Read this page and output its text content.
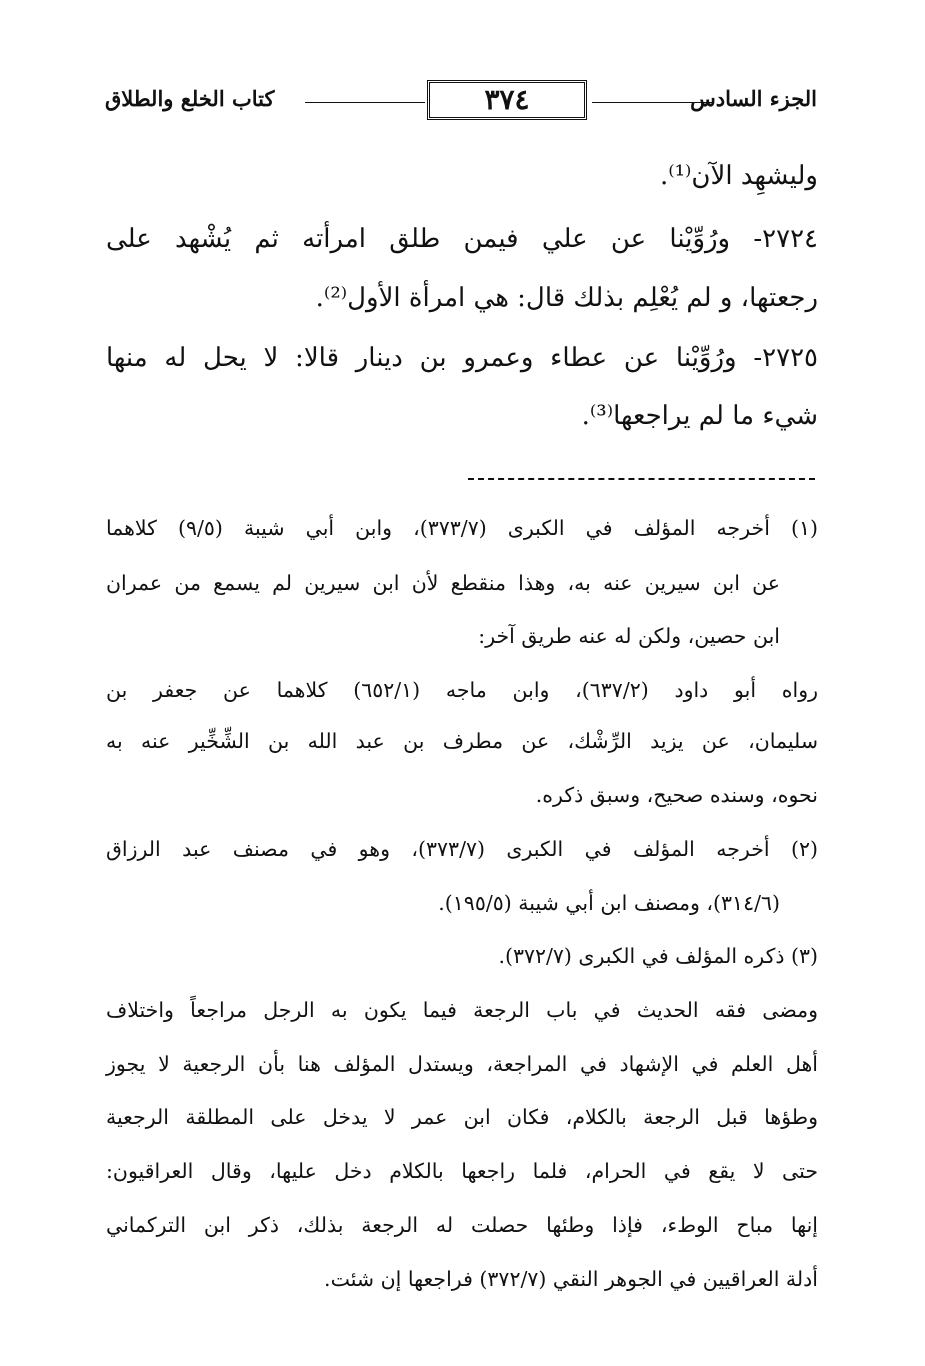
كتاب الخلع والطلاق	٣٧٤	الجزء السادس
وليشهِد الآن⁽¹⁾.
٢٧٢٤- ورُوِّيْنا عن علي فيمن طلق امرأته ثم يُشْهد على
رجعتها، و لم يُعْلِم بذلك قال: هي امرأة الأول⁽²⁾.
٢٧٢٥- ورُوِّيْنا عن عطاء وعمرو بن دينار قالا: لا يحل له منها
شيء ما لم يراجعها⁽³⁾.
(١) أخرجه المؤلف في الكبرى (٣٧٣/٧)، وابن أبي شيبة (٩/٥) كلاهما
عن ابن سيرين عنه به، وهذا منقطع لأن ابن سيرين لم يسمع من عمران
ابن حصين، ولكن له عنه طريق آخر:
رواه أبو داود (٦٣٧/٢)، وابن ماجه (٦٥٢/١) كلاهما عن جعفر بن
سليمان، عن يزيد الرِّشْك، عن مطرف بن عبد الله بن الشِّخِّير عنه به
نحوه، وسنده صحيح، وسبق ذكره.
(٢) أخرجه المؤلف في الكبرى (٣٧٣/٧)، وهو في مصنف عبد الرزاق
(٣١٤/٦)، ومصنف ابن أبي شيبة (١٩٥/٥).
(٣) ذكره المؤلف في الكبرى (٣٧٢/٧).
ومضى فقه الحديث في باب الرجعة فيما يكون به الرجل مراجعاً واختلاف
أهل العلم في الإشهاد في المراجعة، ويستدل المؤلف هنا بأن الرجعية لا يجوز
وطؤها قبل الرجعة بالكلام، فكان ابن عمر لا يدخل على المطلقة الرجعية
حتى لا يقع في الحرام، فلما راجعها بالكلام دخل عليها، وقال العراقيون:
إنها مباح الوطء، فإذا وطئها حصلت له الرجعة بذلك، ذكر ابن التركماني
أدلة العراقيين في الجوهر النقي (٣٧٢/٧) فراجعها إن شئت.
